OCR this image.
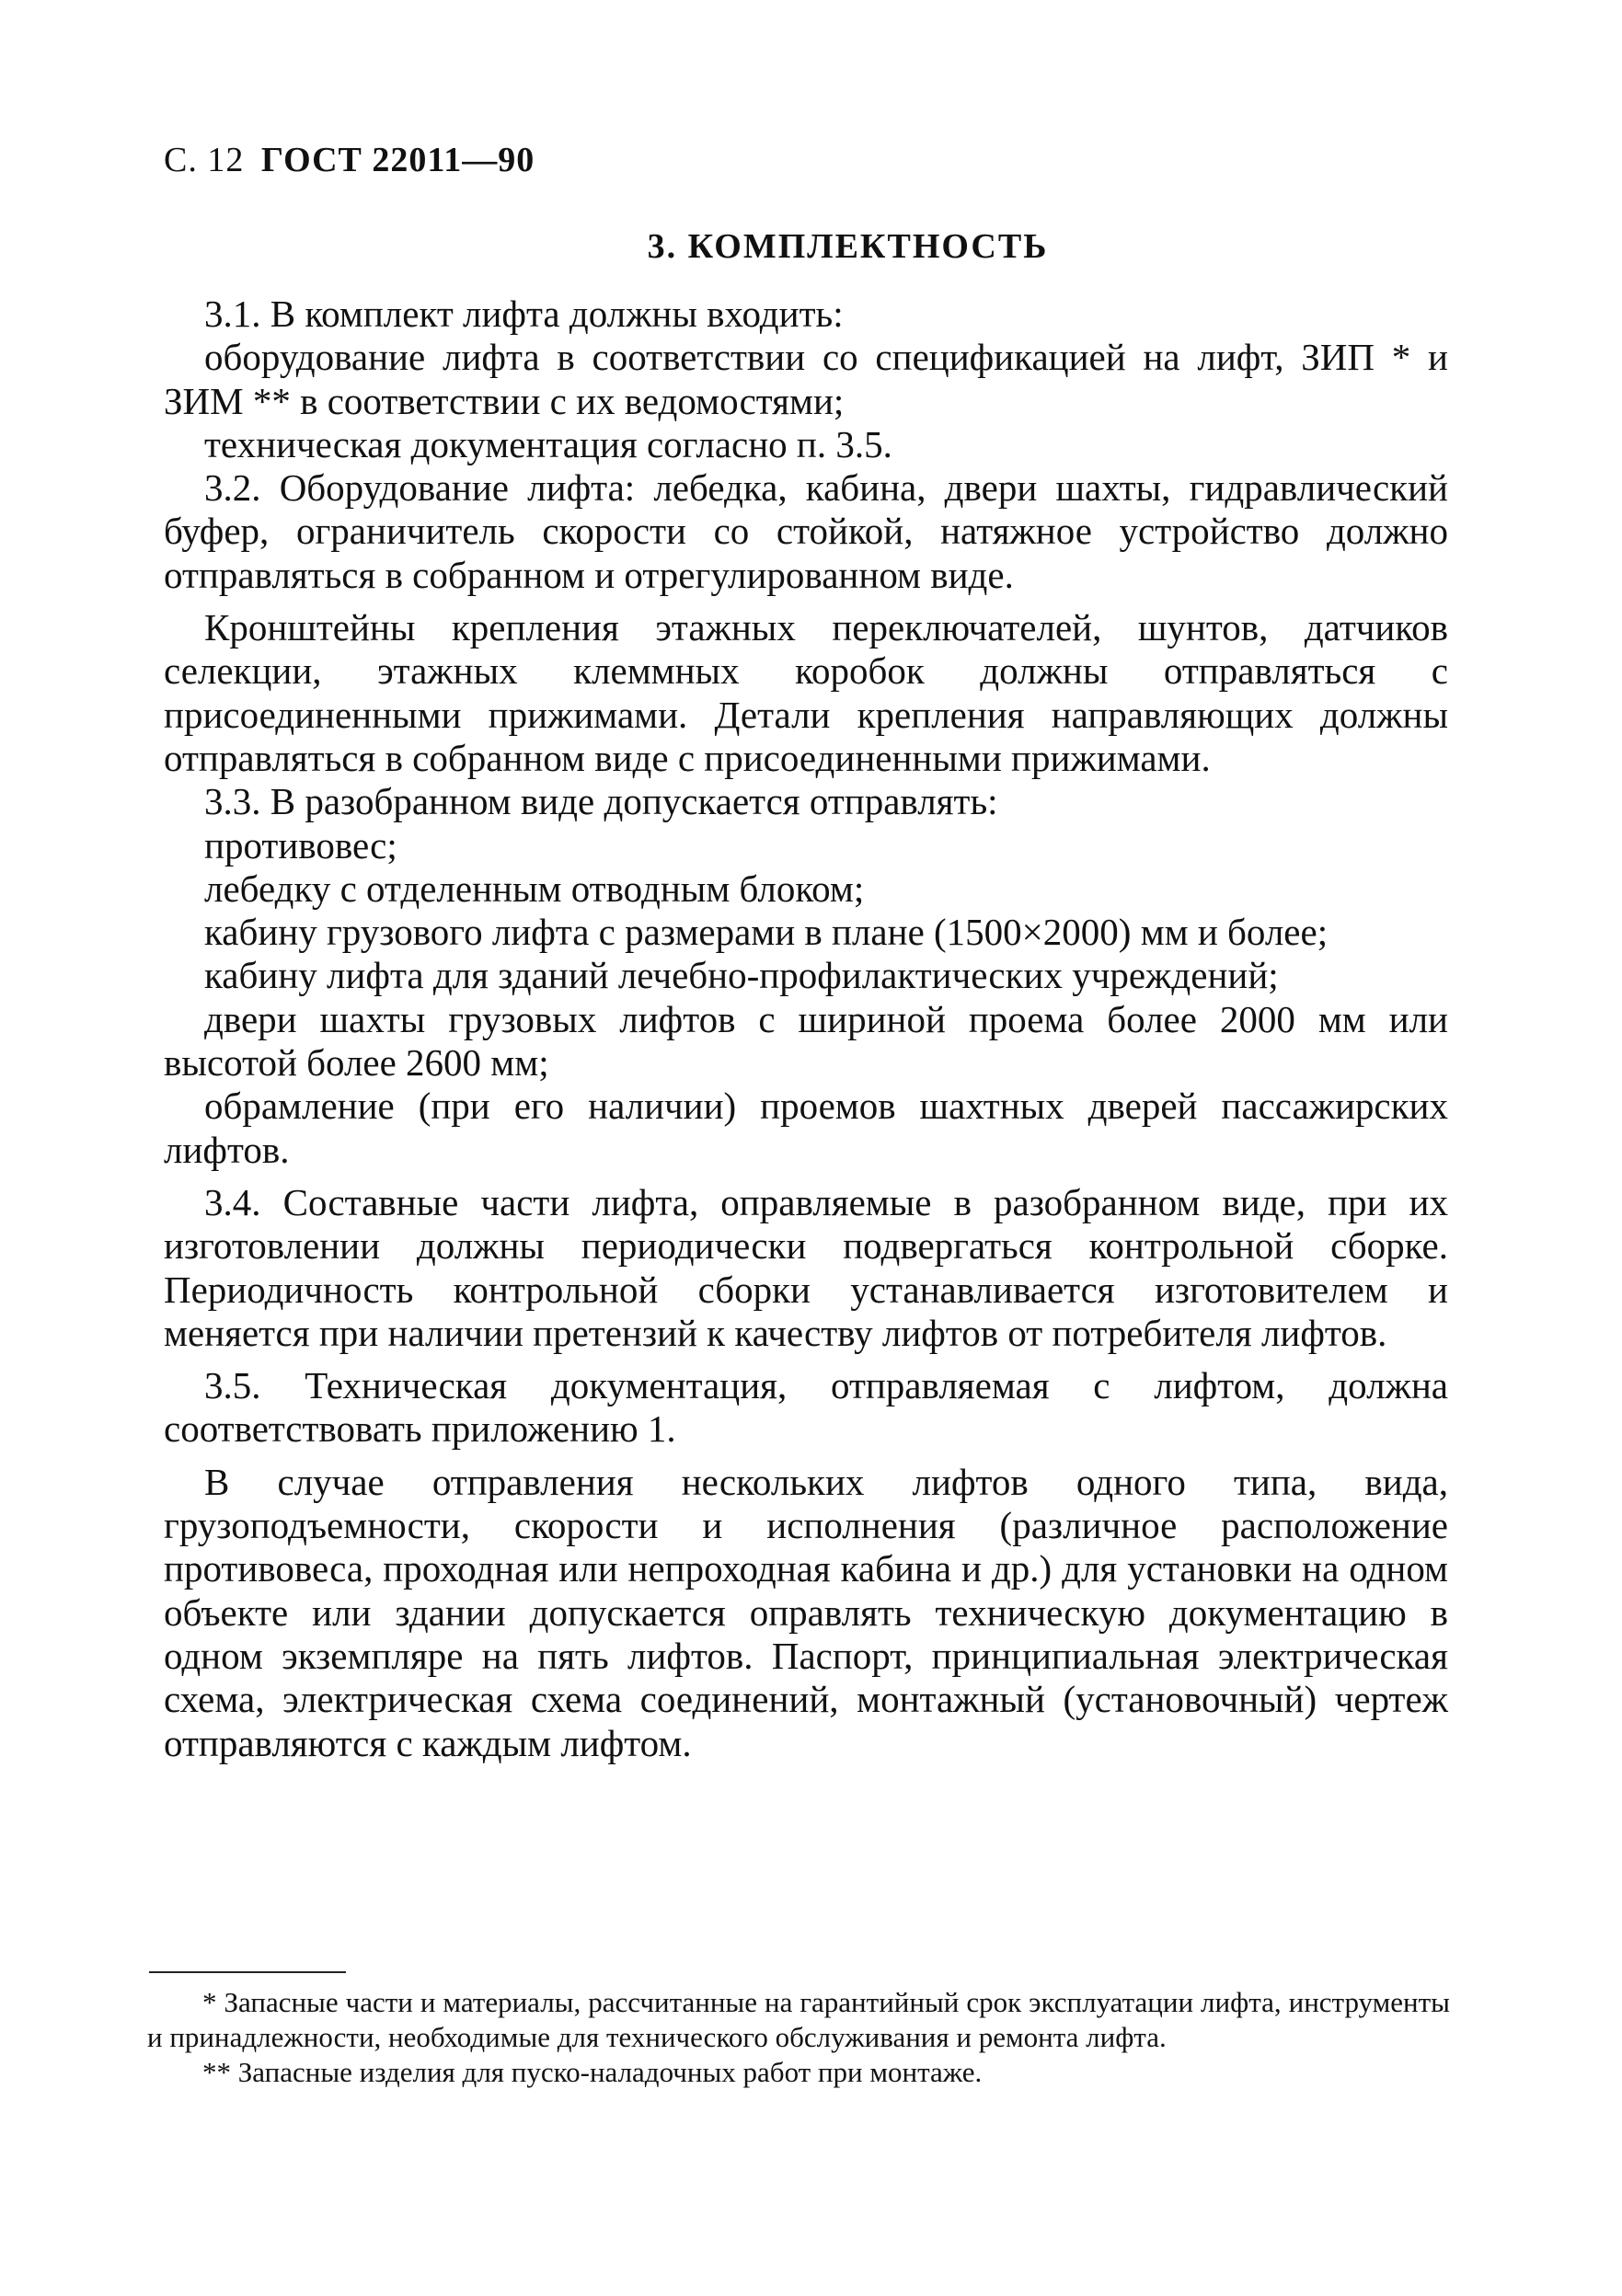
С. 12 ГОСТ 22011—90
3. КОМПЛЕКТНОСТЬ

3.1. В комплект лифта должны входить:

оборудование лифта в соответствии со спецификацией на лифт, ЗИП * и ЗИМ ** в соответствии с их ведомостями;

техническая документация согласно п. 3.5.

3.2. Оборудование лифта: лебедка, кабина, двери шахты, гидравлический буфер, ограничитель скорости со стойкой, натяжное устройство должно отправляться в собранном и отрегулированном виде.

Кронштейны крепления этажных переключателей, шунтов, датчиков селекции, этажных клеммных коробок должны отправляться с присоединенными прижимами. Детали крепления направляющих должны отправляться в собранном виде с присоединенными прижимами.

3.3. В разобранном виде допускается отправлять:

противовес;

лебедку с отделенным отводным блоком;

кабину грузового лифта с размерами в плане (1500×2000) мм и более;

кабину лифта для зданий лечебно-профилактических учреждений;

двери шахты грузовых лифтов с шириной проема более 2000 мм или высотой более 2600 мм;

обрамление (при его наличии) проемов шахтных дверей пассажирских лифтов.

3.4. Составные части лифта, оправляемые в разобранном виде, при их изготовлении должны периодически подвергаться контрольной сборке. Периодичность контрольной сборки устанавливается изготовителем и меняется при наличии претензий к качеству лифтов от потребителя лифтов.

3.5. Техническая документация, отправляемая с лифтом, должна соответствовать приложению 1.

В случае отправления нескольких лифтов одного типа, вида, грузоподъемности, скорости и исполнения (различное расположение противовеса, проходная или непроходная кабина и др.) для установки на одном объекте или здании допускается оправлять техническую документацию в одном экземпляре на пять лифтов. Паспорт, принципиальная электрическая схема, электрическая схема соединений, монтажный (установочный) чертеж отправляются с каждым лифтом.

* Запасные части и материалы, рассчитанные на гарантийный срок эксплуатации лифта, инструменты и принадлежности, необходимые для технического обслуживания и ремонта лифта.

** Запасные изделия для пуско-наладочных работ при монтаже.
